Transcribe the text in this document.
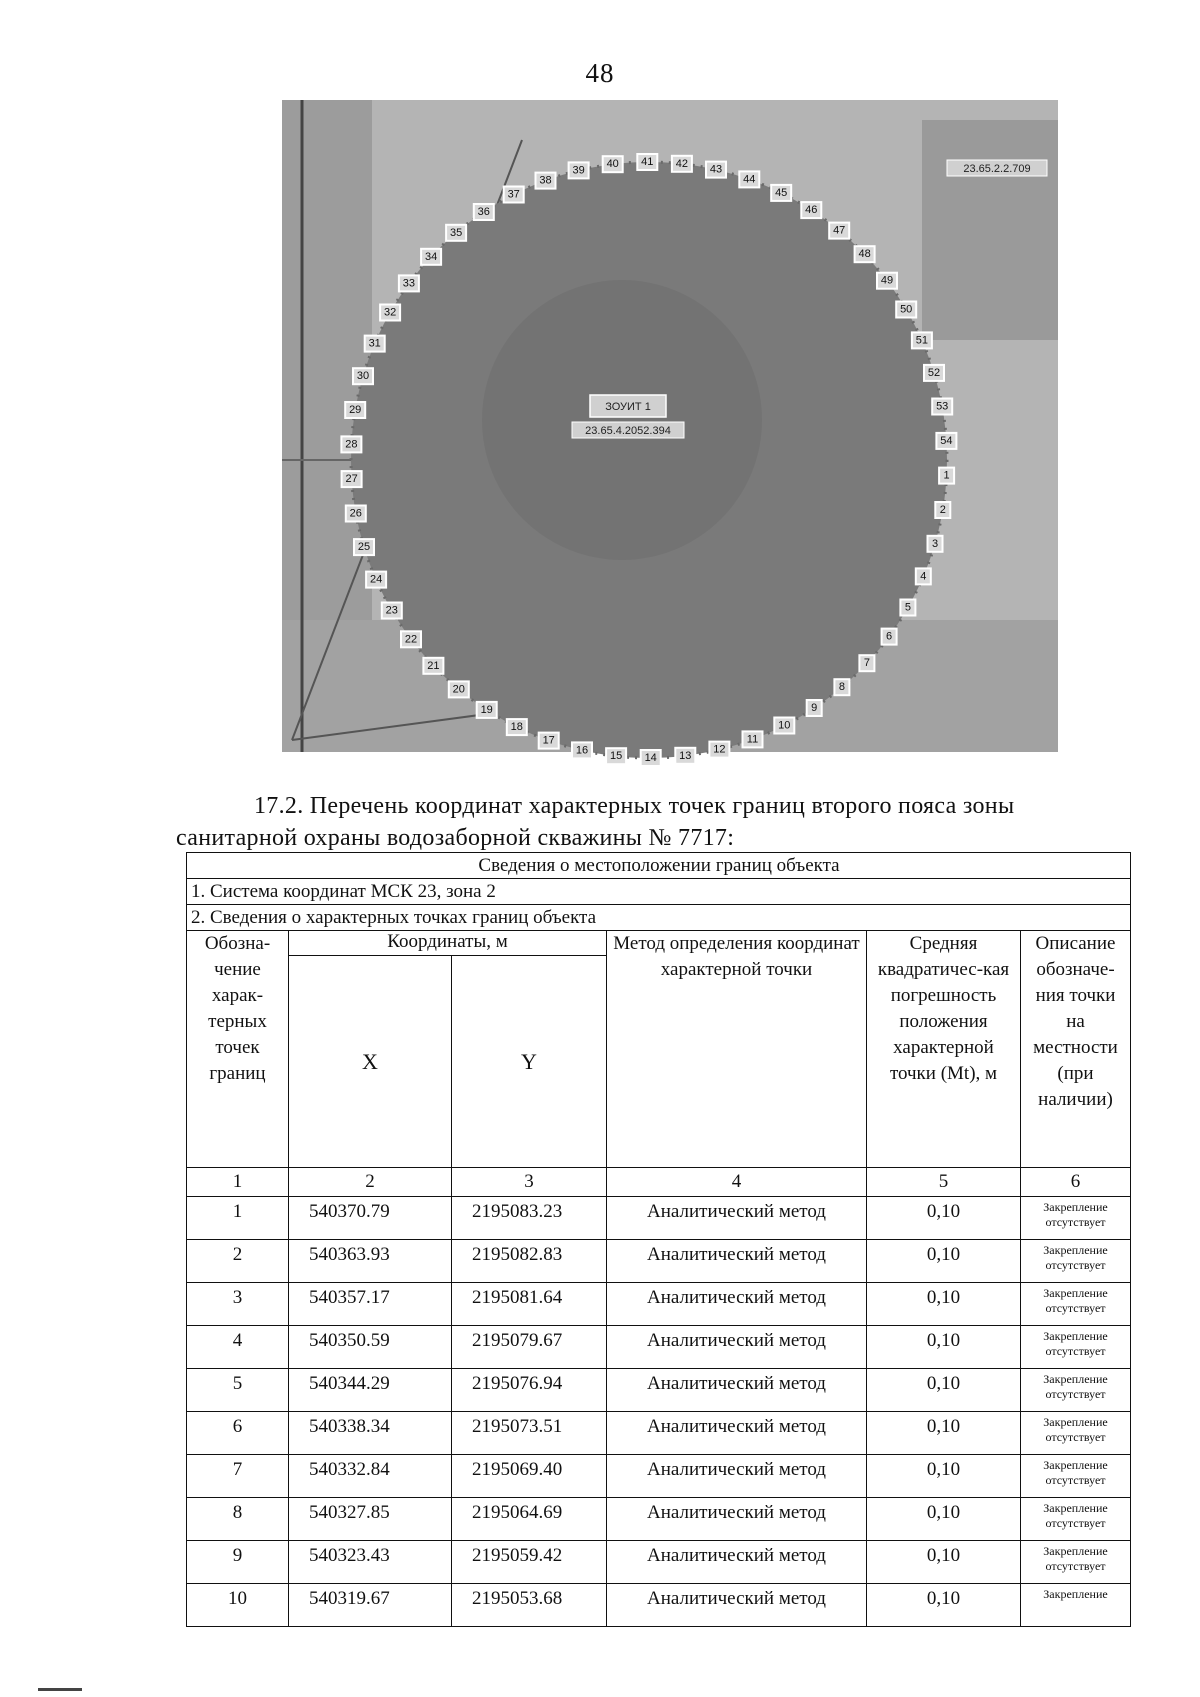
48
ЗОУИТ 1
23.65.4.2052.394
23.65.2.2.709
1
2
3
4
5
6
7
8
9
10
11
12
13
14
15
16
17
18
19
20
21
22
23
24
25
26
27
28
29
30
31
32
33
34
35
36
37
38
39
40 41 42 43
44
45
46
47
48
49
50
51
52
53
54
17.2. Перечень координат характерных точек границ второго пояса зоны
санитарной охраны водозаборной скважины № 7717:
Сведения о местоположении границ объекта					
1. Система координат МСК 23, зона 2					
2. Сведения о характерных точках границ объекта					
Обозна-чение харак-терных точек границ	Координаты, м		Метод определения координат характерной точки	Средняя квадратичес-кая погрешность положения характерной точки (Mt), м	Описание обозначе-ния точки на местности (при наличии)
	X	Y			
1	2	3	4	5	6
1	540370.79	2195083.23	Аналитический метод	0,10	Закрепление отсутствует
2	540363.93	2195082.83	Аналитический метод	0,10	Закрепление отсутствует
3	540357.17	2195081.64	Аналитический метод	0,10	Закрепление отсутствует
4	540350.59	2195079.67	Аналитический метод	0,10	Закрепление отсутствует
5	540344.29	2195076.94	Аналитический метод	0,10	Закрепление отсутствует
6	540338.34	2195073.51	Аналитический метод	0,10	Закрепление отсутствует
7	540332.84	2195069.40	Аналитический метод	0,10	Закрепление отсутствует
8	540327.85	2195064.69	Аналитический метод	0,10	Закрепление отсутствует
9	540323.43	2195059.42	Аналитический метод	0,10	Закрепление отсутствует
10	540319.67	2195053.68	Аналитический метод	0,10	Закрепление
